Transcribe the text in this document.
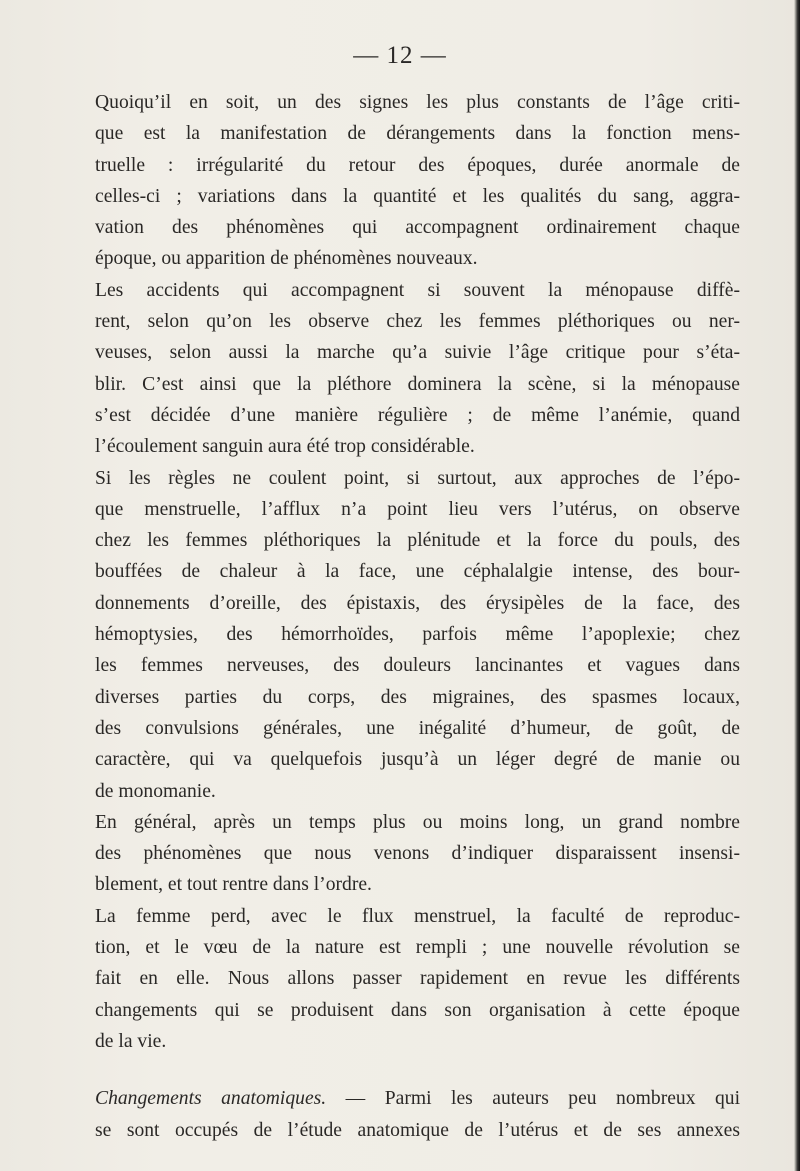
— 12 —
Quoiqu’il en soit, un des signes les plus constants de l’âge criti-
que est la manifestation de dérangements dans la fonction mens-
truelle : irrégularité du retour des époques, durée anormale de
celles-ci ; variations dans la quantité et les qualités du sang, aggra-
vation des phénomènes qui accompagnent ordinairement chaque
époque, ou apparition de phénomènes nouveaux.
Les accidents qui accompagnent si souvent la ménopause diffè-
rent, selon qu’on les observe chez les femmes pléthoriques ou ner-
veuses, selon aussi la marche qu’a suivie l’âge critique pour s’éta-
blir. C’est ainsi que la pléthore dominera la scène, si la ménopause
s’est décidée d’une manière régulière ; de même l’anémie, quand
l’écoulement sanguin aura été trop considérable.
Si les règles ne coulent point, si surtout, aux approches de l’épo-
que menstruelle, l’afflux n’a point lieu vers l’utérus, on observe
chez les femmes pléthoriques la plénitude et la force du pouls, des
bouffées de chaleur à la face, une céphalalgie intense, des bour-
donnements d’oreille, des épistaxis, des érysipèles de la face, des
hémoptysies, des hémorrhoïdes, parfois même l’apoplexie; chez
les femmes nerveuses, des douleurs lancinantes et vagues dans
diverses parties du corps, des migraines, des spasmes locaux,
des convulsions générales, une inégalité d’humeur, de goût, de
caractère, qui va quelquefois jusqu’à un léger degré de manie ou
de monomanie.
En général, après un temps plus ou moins long, un grand nombre
des phénomènes que nous venons d’indiquer disparaissent insensi-
blement, et tout rentre dans l’ordre.
La femme perd, avec le flux menstruel, la faculté de reproduc-
tion, et le vœu de la nature est rempli ; une nouvelle révolution se
fait en elle. Nous allons passer rapidement en revue les différents
changements qui se produisent dans son organisation à cette époque
de la vie.
Changements anatomiques. — Parmi les auteurs peu nombreux qui
se sont occupés de l’étude anatomique de l’utérus et de ses annexes
